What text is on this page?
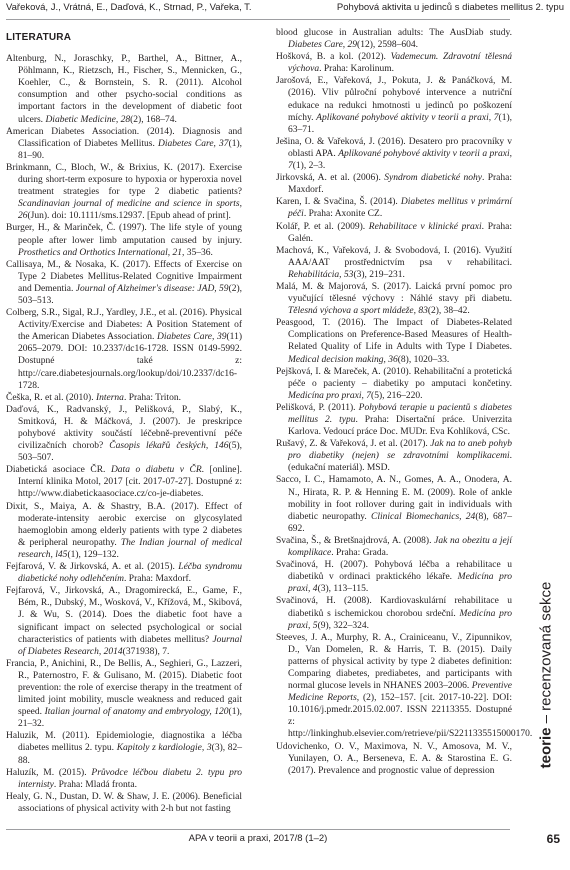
Vařeková, J., Vrátná, E., Daďová, K., Strnad, P., Vařeka, T.	Pohybová aktivita u jedinců s diabetes mellitus 2. typu
LITERATURA

Altenburg, N., Joraschky, P., Barthel, A., Bittner, A., Pöhlmann, K., Rietzsch, H., Fischer, S., Mennicken, G., Koehler, C., & Bornstein, S. R. (2011). Alcohol consumption and other psycho-social conditions as important factors in the development of diabetic foot ulcers. Diabetic Medicine, 28(2), 168–74.

American Diabetes Association. (2014). Diagnosis and Classification of Diabetes Mellitus. Diabetes Care, 37(1), 81–90.

Brinkmann, C., Bloch, W., & Brixius, K. (2017). Exercise during short-term exposure to hypoxia or hyperoxia novel treatment strategies for type 2 diabetic patients? Scandinavian journal of medicine and science in sports, 26(Jun). doi: 10.1111/sms.12937. [Epub ahead of print].

Burger, H., & Marinček, Č. (1997). The life style of young people after lower limb amputation caused by injury. Prosthetics and Orthotics International, 21, 35–36.

Callisaya, M., & Nosaka, K. (2017). Effects of Exercise on Type 2 Diabetes Mellitus-Related Cognitive Impairment and Dementia. Journal of Alzheimer's disease: JAD, 59(2), 503–513.

Colberg, S.R., Sigal, R.J., Yardley, J.E., et al. (2016). Physical Activity/Exercise and Diabetes: A Position Statement of the American Diabetes Association. Diabetes Care, 39(11) 2065–2079. DOI: 10.2337/dc16-1728. ISSN 0149-5992. Dostupné také z: http://care.diabetesjournals.org/lookup/doi/10.2337/dc16-1728.

Češka, R. et al. (2010). Interna. Praha: Triton.

Daďová, K., Radvanský, J., Pelišková, P., Slabý, K., Smitková, H. & Máčková, J. (2007). Je preskripce pohybové aktivity součástí léčebně-preventivní péče civilizačních chorob? Časopis lékařů českých, 146(5), 503–507.

Diabetická asociace ČR. Data o diabetu v ČR. [online]. Interní klinika Motol, 2017 [cit. 2017-07-27]. Dostupné z: http://www.diabetickaasociace.cz/co-je-diabetes.

Dixit, S., Maiya, A. & Shastry, B.A. (2017). Effect of moderate-intensity aerobic exercise on glycosylated haemoglobin among elderly patients with type 2 diabetes & peripheral neuropathy. The Indian journal of medical research, l45(1), 129–132.

Fejfarová, V. & Jirkovská, A. et al. (2015). Léčba syndromu diabetické nohy odlehčením. Praha: Maxdorf.

Fejfarová, V., Jirkovská, A., Dragomirecká, E., Game, F., Bém, R., Dubský, M., Wosková, V., Křížová, M., Skibová, J. & Wu, S. (2014). Does the diabetic foot have a significant impact on selected psychological or social characteristics of patients with diabetes mellitus? Journal of Diabetes Research, 2014(371938), 7.

Francia, P., Anichini, R., De Bellis, A., Seghieri, G., Lazzeri, R., Paternostro, F. & Gulisano, M. (2015). Diabetic foot prevention: the role of exercise therapy in the treatment of limited joint mobility, muscle weakness and reduced gait speed. Italian journal of anatomy and embryology, 120(1), 21–32.

Haluzik, M. (2011). Epidemiologie, diagnostika a léčba diabetes mellitus 2. typu. Kapitoly z kardiologie, 3(3), 82–88.

Haluzík, M. (2015). Průvodce léčbou diabetu 2. typu pro internisty. Praha: Mladá fronta.

Healy, G. N., Dustan, D. W. & Shaw, J. E. (2006). Beneficial associations of physical activity with 2-h but not fasting

blood glucose in Australian adults: The AusDiab study. Diabetes Care, 29(12), 2598–604.

Hošková, B. a kol. (2012). Vademecum. Zdravotní tělesná výchova. Praha: Karolinum.

Jarošová, E., Vařeková, J., Pokuta, J. & Panáčková, M. (2016). Vliv půlroční pohybové intervence a nutriční edukace na redukci hmotnosti u jedinců po poškození míchy. Aplikované pohybové aktivity v teorii a praxi, 7(1), 63–71.

Ješina, O. & Vařeková, J. (2016). Desatero pro pracovníky v oblasti APA. Aplikované pohybové aktivity v teorii a praxi, 7(1), 2–3.

Jirkovská, A. et al. (2006). Syndrom diabetické nohy. Praha: Maxdorf.

Karen, I. & Svačina, Š. (2014). Diabetes mellitus v primární péči. Praha: Axonite CZ.

Kolář, P. et al. (2009). Rehabilitace v klinické praxi. Praha: Galén.

Machová, K., Vařeková, J. & Svobodová, I. (2016). Využití AAA/AAT prostřednictvím psa v rehabilitaci. Rehabilitácia, 53(3), 219–231.

Malá, M. & Majorová, S. (2017). Laická první pomoc pro vyučující tělesné výchovy : Náhlé stavy při diabetu. Tělesná výchova a sport mládeže, 83(2), 38–42.

Peasgood, T. (2016). The Impact of Diabetes-Related Complications on Preference-Based Measures of Health-Related Quality of Life in Adults with Type I Diabetes. Medical decision making, 36(8), 1020–33.

Pejšková, I. & Mareček, A. (2010). Rehabilitační a protetická péče o pacienty – diabetiky po amputaci končetiny. Medicína pro praxi, 7(5), 216–220.

Pelišková, P. (2011). Pohybová terapie u pacientů s diabetes mellitus 2. typu. Praha: Disertační práce. Univerzita Karlova. Vedoucí práce Doc. MUDr. Eva Kohlíková, CSc.

Rušavý, Z. & Vařeková, J. et al. (2017). Jak na to aneb pohyb pro diabetiky (nejen) se zdravotními komplikacemi. (edukační materiál). MSD.

Sacco, I. C., Hamamoto, A. N., Gomes, A. A., Onodera, A. N., Hirata, R. P. & Henning E. M. (2009). Role of ankle mobility in foot rollover during gait in individuals with diabetic neuropathy. Clinical Biomechanics, 24(8), 687–692.

Svačina, Š., & Bretšnajdrová, A. (2008). Jak na obezitu a její komplikace. Praha: Grada.

Svačinová, H. (2007). Pohybová léčba a rehabilitace u diabetiků v ordinaci praktického lékaře. Medicína pro praxi, 4(3), 113–115.

Svačinová, H. (2008). Kardiovaskulární rehabilitace u diabetiků s ischemickou chorobou srdeční. Medicína pro praxi, 5(9), 322–324.

Steeves, J. A., Murphy, R. A., Crainiceanu, V., Zipunnikov, D., Van Domelen, R. & Harris, T. B. (2015). Daily patterns of physical activity by type 2 diabetes definition: Comparing diabetes, prediabetes, and participants with normal glucose levels in NHANES 2003–2006. Preventive Medicine Reports, (2), 152–157. [cit. 2017-10-22]. DOI: 10.1016/j.pmedr.2015.02.007. ISSN 22113355. Dostupné z: http://linkinghub.elsevier.com/retrieve/pii/S2211335515000170.

Udovichenko, O. V., Maximova, N. V., Amosova, M. V., Yunilayen, O. A., Berseneva, E. A. & Starostina E. G. (2017). Prevalence and prognostic value of depression

teorie – recenzovaná sekce
APA v teorii a praxi, 2017/8 (1–2)	65
